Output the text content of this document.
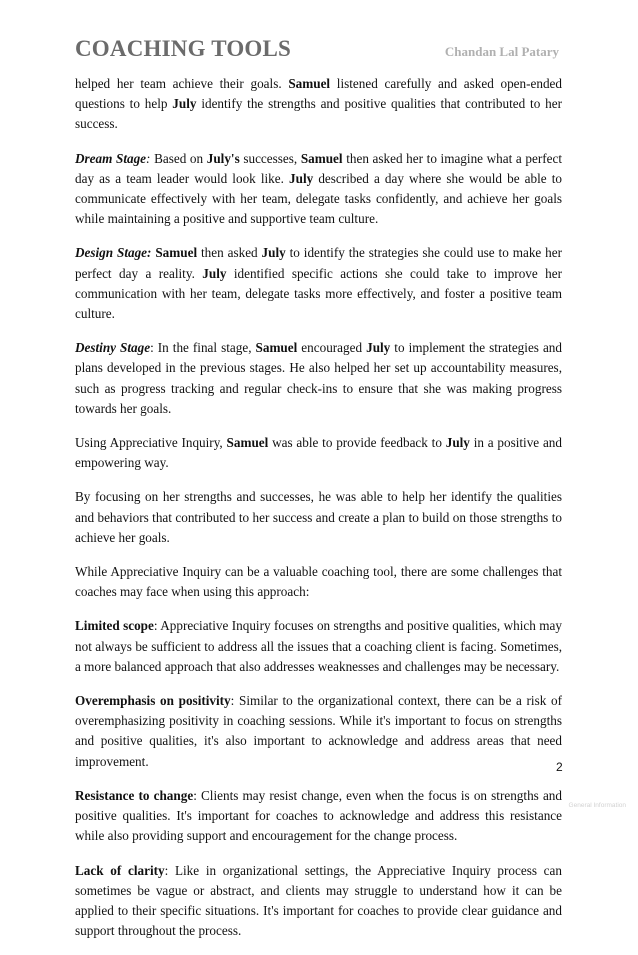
COACHING TOOLS	Chandan Lal Patary

helped her team achieve their goals. Samuel listened carefully and asked open-ended questions to help July identify the strengths and positive qualities that contributed to her success.

Dream Stage: Based on July's successes, Samuel then asked her to imagine what a perfect day as a team leader would look like. July described a day where she would be able to communicate effectively with her team, delegate tasks confidently, and achieve her goals while maintaining a positive and supportive team culture.

Design Stage: Samuel then asked July to identify the strategies she could use to make her perfect day a reality. July identified specific actions she could take to improve her communication with her team, delegate tasks more effectively, and foster a positive team culture.

Destiny Stage: In the final stage, Samuel encouraged July to implement the strategies and plans developed in the previous stages. He also helped her set up accountability measures, such as progress tracking and regular check-ins to ensure that she was making progress towards her goals.

Using Appreciative Inquiry, Samuel was able to provide feedback to July in a positive and empowering way.

By focusing on her strengths and successes, he was able to help her identify the qualities and behaviors that contributed to her success and create a plan to build on those strengths to achieve her goals.

While Appreciative Inquiry can be a valuable coaching tool, there are some challenges that coaches may face when using this approach:

Limited scope: Appreciative Inquiry focuses on strengths and positive qualities, which may not always be sufficient to address all the issues that a coaching client is facing. Sometimes, a more balanced approach that also addresses weaknesses and challenges may be necessary.

Overemphasis on positivity: Similar to the organizational context, there can be a risk of overemphasizing positivity in coaching sessions. While it's important to focus on strengths and positive qualities, it's also important to acknowledge and address areas that need improvement.

Resistance to change: Clients may resist change, even when the focus is on strengths and positive qualities. It's important for coaches to acknowledge and address this resistance while also providing support and encouragement for the change process.

Lack of clarity: Like in organizational settings, the Appreciative Inquiry process can sometimes be vague or abstract, and clients may struggle to understand how it can be applied to their specific situations. It's important for coaches to provide clear guidance and support throughout the process.

2
General Information
